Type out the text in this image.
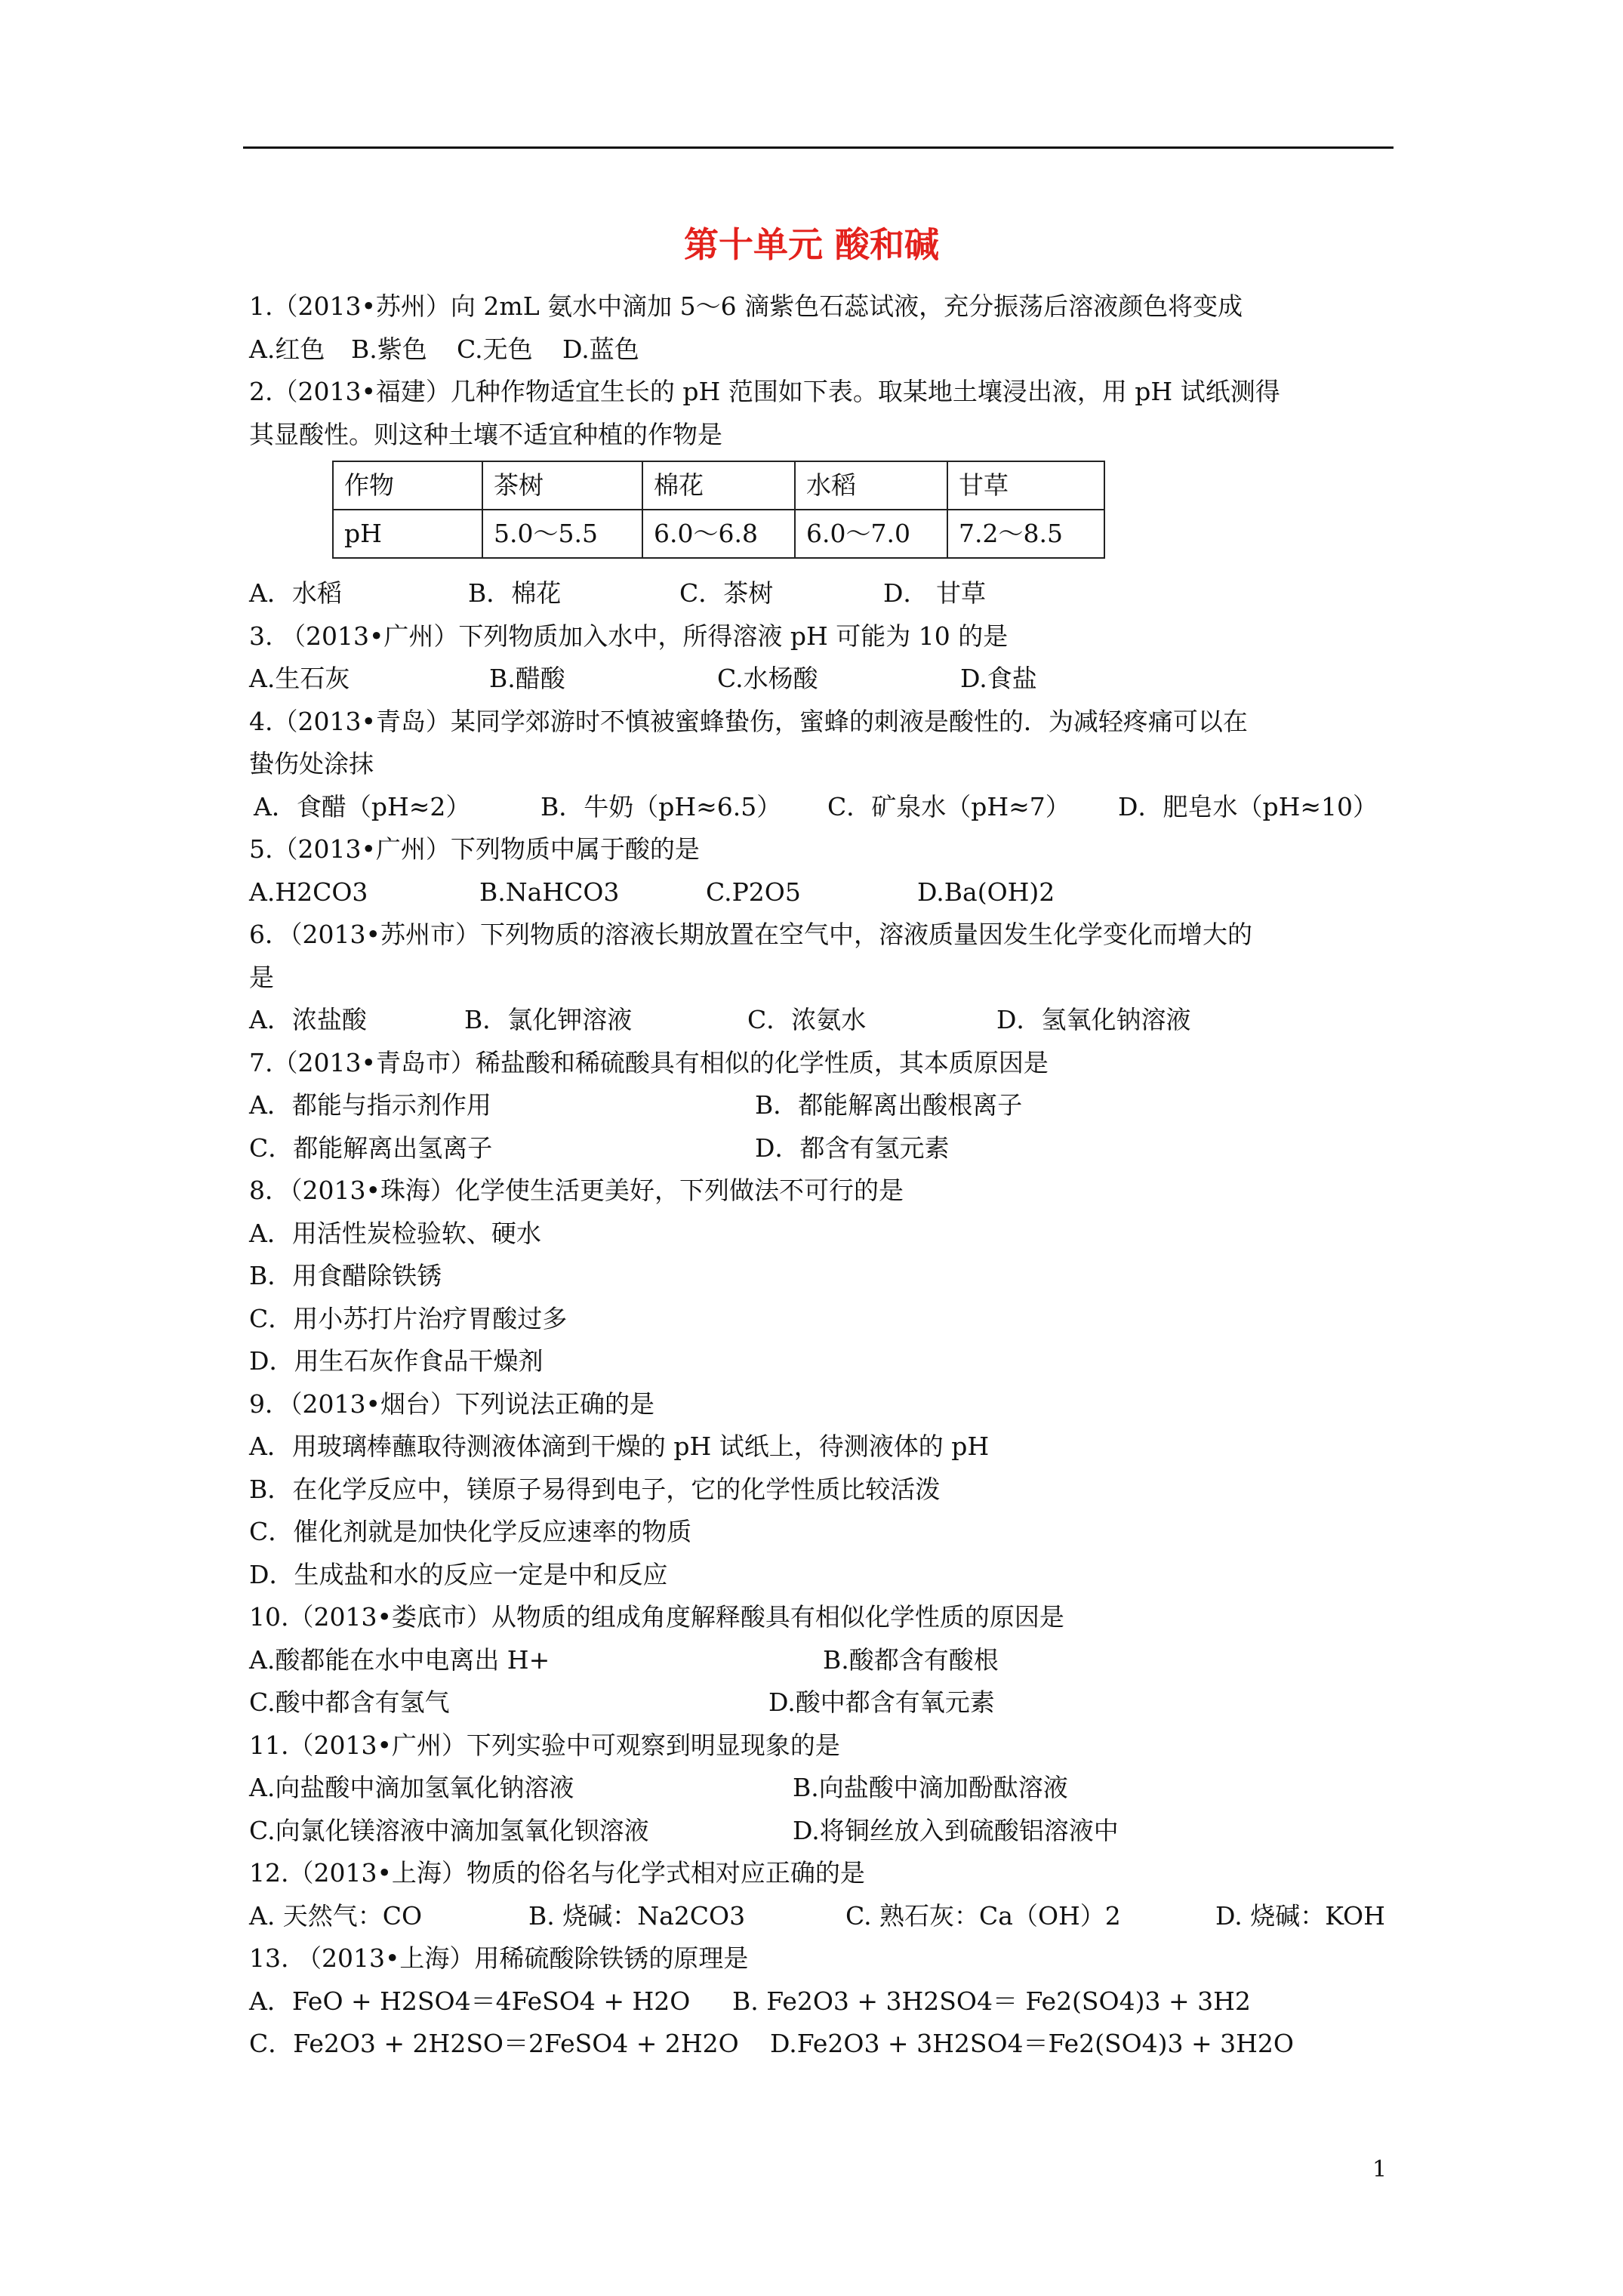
第十单元 酸和碱
1.（2013•苏州）向 2mL 氨水中滴加 5～6 滴紫色石蕊试液，充分振荡后溶液颜色将变成
A.红色	B.紫色	C.无色	D.蓝色
2.（2013•福建）几种作物适宜生长的 pH 范围如下表。取某地土壤浸出液，用 pH 试纸测得
其显酸性。则这种土壤不适宜种植的作物是
作物	茶树	棉花	水稻	甘草
pH	5.0～5.5	6.0～6.8	6.0～7.0	7.2～8.5
A．水稻	B．棉花	C．茶树	D． 甘草
3. （2013•广州）下列物质加入水中，所得溶液 pH 可能为 10 的是
A.生石灰	B.醋酸	C.水杨酸	D.食盐
4.（2013•青岛）某同学郊游时不慎被蜜蜂蛰伤，蜜蜂的刺液是酸性的．为减轻疼痛可以在
蛰伤处涂抹
A．食醋（pH≈2）	B．牛奶（pH≈6.5）	C．矿泉水（pH≈7）	D．肥皂水（pH≈10）
5.（2013•广州）下列物质中属于酸的是
A.H2CO3	B.NaHCO3	C.P2O5	D.Ba(OH)2
6．（2013•苏州市）下列物质的溶液长期放置在空气中，溶液质量因发生化学变化而增大的
是
A．浓盐酸	B．氯化钾溶液	C．浓氨水	D．氢氧化钠溶液
7.（2013•青岛市）稀盐酸和稀硫酸具有相似的化学性质，其本质原因是
A．都能与指示剂作用	B．都能解离出酸根离子
C．都能解离出氢离子	D．都含有氢元素
8．（2013•珠海）化学使生活更美好，下列做法不可行的是
A．用活性炭检验软、硬水
B．用食醋除铁锈
C．用小苏打片治疗胃酸过多
D．用生石灰作食品干燥剂
9．（2013•烟台）下列说法正确的是
A．用玻璃棒蘸取待测液体滴到干燥的 pH 试纸上，待测液体的 pH
B．在化学反应中，镁原子易得到电子，它的化学性质比较活泼
C．催化剂就是加快化学反应速率的物质
D．生成盐和水的反应一定是中和反应
10.（2013•娄底市）从物质的组成角度解释酸具有相似化学性质的原因是
A.酸都能在水中电离出 H+	B.酸都含有酸根
C.酸中都含有氢气	D.酸中都含有氧元素
11.（2013•广州）下列实验中可观察到明显现象的是
A.向盐酸中滴加氢氧化钠溶液	B.向盐酸中滴加酚酞溶液
C.向氯化镁溶液中滴加氢氧化钡溶液	D.将铜丝放入到硫酸铝溶液中
12.（2013•上海）物质的俗名与化学式相对应正确的是
A. 天然气：CO	B. 烧碱：Na2CO3	C. 熟石灰：Ca（OH）2	D. 烧碱：KOH
13. （2013•上海）用稀硫酸除铁锈的原理是
A．FeO + H2SO4＝4FeSO4 + H2O	B. Fe2O3 + 3H2SO4＝ Fe2(SO4)3 + 3H2
C．Fe2O3 + 2H2SO＝2FeSO4 + 2H2O	D.Fe2O3 + 3H2SO4＝Fe2(SO4)3 + 3H2O
1
